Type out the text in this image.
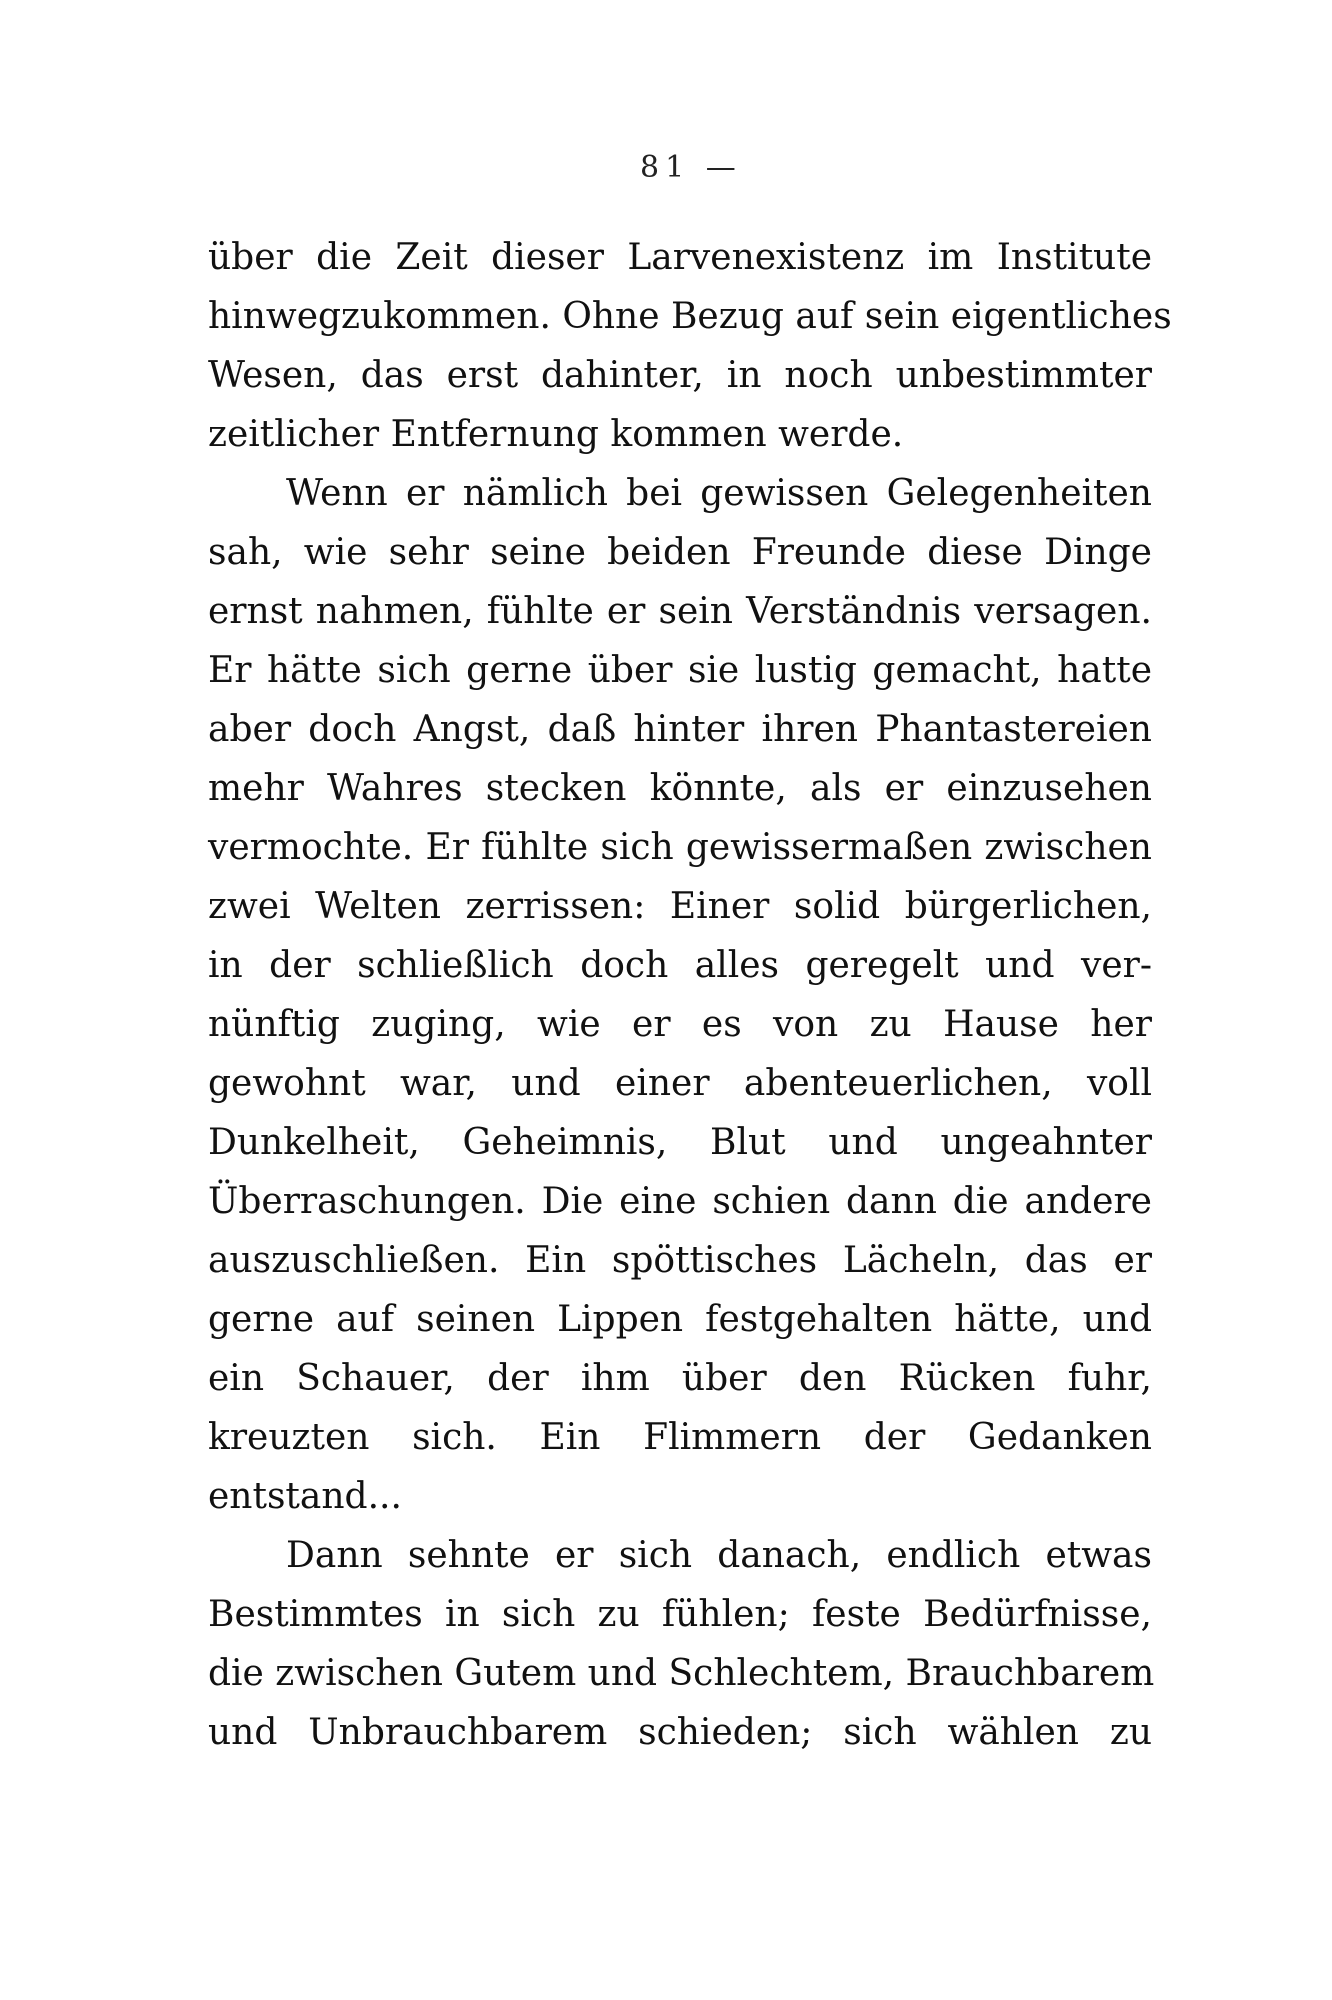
81 —
über die Zeit dieser Larvenexistenz im Institute
hinwegzukommen. Ohne Bezug auf sein eigentliches
Wesen, das erst dahinter, in noch unbestimmter
zeitlicher Entfernung kommen werde.
Wenn er nämlich bei gewissen Gelegenheiten
sah, wie sehr seine beiden Freunde diese Dinge
ernst nahmen, fühlte er sein Verständnis versagen.
Er hätte sich gerne über sie lustig gemacht, hatte
aber doch Angst, daß hinter ihren Phantastereien
mehr Wahres stecken könnte, als er einzusehen
vermochte. Er fühlte sich gewissermaßen zwischen
zwei Welten zerrissen: Einer solid bürgerlichen,
in der schließlich doch alles geregelt und ver-
nünftig zuging, wie er es von zu Hause her
gewohnt war, und einer abenteuerlichen, voll
Dunkelheit, Geheimnis, Blut und ungeahnter
Überraschungen. Die eine schien dann die andere
auszuschließen. Ein spöttisches Lächeln, das er
gerne auf seinen Lippen festgehalten hätte, und
ein Schauer, der ihm über den Rücken fuhr,
kreuzten sich. Ein Flimmern der Gedanken
entstand...
Dann sehnte er sich danach, endlich etwas
Bestimmtes in sich zu fühlen; feste Bedürfnisse,
die zwischen Gutem und Schlechtem, Brauchbarem
und Unbrauchbarem schieden; sich wählen zu
